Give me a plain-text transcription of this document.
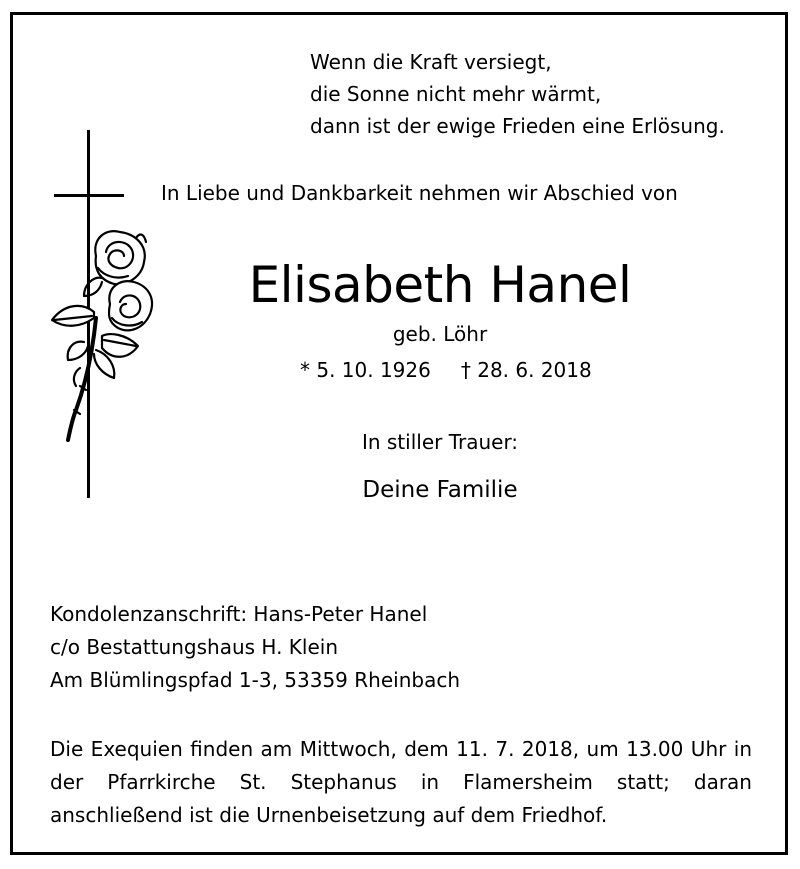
Wenn die Kraft versiegt,
die Sonne nicht mehr wärmt,
dann ist der ewige Frieden eine Erlösung.
In Liebe und Dankbarkeit nehmen wir Abschied von
Elisabeth Hanel
geb. Löhr
* 5. 10. 1926 † 28. 6. 2018
In stiller Trauer:
Deine Familie
Kondolenzanschrift: Hans-Peter Hanel
c/o Bestattungshaus H. Klein
Am Blümlingspfad 1-3, 53359 Rheinbach
Die Exequien finden am Mittwoch, dem 11. 7. 2018, um 13.00 Uhr in der Pfarrkirche St. Stephanus in Flamersheim statt; daran anschließend ist die Urnenbeisetzung auf dem Friedhof.
